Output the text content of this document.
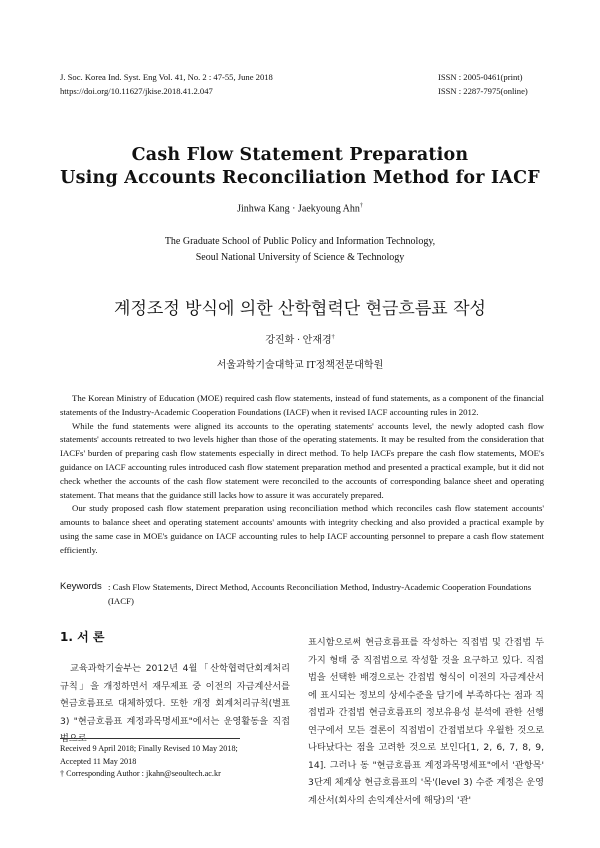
J. Soc. Korea Ind. Syst. Eng Vol. 41, No. 2 : 47-55, June 2018
https://doi.org/10.11627/jkise.2018.41.2.047
ISSN : 2005-0461(print)
ISSN : 2287-7975(online)
Cash Flow Statement Preparation
Using Accounts Reconciliation Method for IACF
Jinhwa Kang · Jaekyoung Ahn†
The Graduate School of Public Policy and Information Technology,
Seoul National University of Science & Technology
계정조정 방식에 의한 산학협력단 현금흐름표 작성
강진화 · 안재경†
서울과학기술대학교 IT정책전문대학원

The Korean Ministry of Education (MOE) required cash flow statements, instead of fund statements, as a component of the financial statements of the Industry-Academic Cooperation Foundations (IACF) when it revised IACF accounting rules in 2012.

While the fund statements were aligned its accounts to the operating statements' accounts level, the newly adopted cash flow statements' accounts retreated to two levels higher than those of the operating statements. It may be resulted from the consideration that IACFs' burden of preparing cash flow statements especially in direct method. To help IACFs prepare the cash flow statements, MOE's guidance on IACF accounting rules introduced cash flow statement preparation method and presented a practical example, but it did not check whether the accounts of the cash flow statement were reconciled to the accounts of corresponding balance sheet and operating statement. That means that the guidance still lacks how to assure it was accurately prepared.

Our study proposed cash flow statement preparation using reconciliation method which reconciles cash flow statement accounts' amounts to balance sheet and operating statement accounts' amounts with integrity checking and also provided a practical example by using the same case in MOE's guidance on IACF accounting rules to help IACF accounting personnel to prepare a cash flow statement efficiently.

Keywords : Cash Flow Statements, Direct Method, Accounts Reconciliation Method, Industry-Academic Cooperation Foundations (IACF)
1. 서 론

교육과학기술부는 2012년 4월「산학협력단회계처리규칙」을 개정하면서 재무제표 중 이전의 자금계산서를 현금흐름표로 대체하였다. 또한 개정 회계처리규칙(별표 3) "현금흐름표 계정과목명세표"에서는 운영활동을 직접법으로

Received 9 April 2018; Finally Revised 10 May 2018;
Accepted 11 May 2018
† Corresponding Author : jkahn@seoultech.ac.kr

표시함으로써 현금흐름표를 작성하는 직접법 및 간접법 두 가지 형태 중 직접법으로 작성할 것을 요구하고 있다. 직접법을 선택한 배경으로는 간접법 형식이 이전의 자금계산서에 표시되는 정보의 상세수준을 담기에 부족하다는 점과 직접법과 간접법 현금흐름표의 정보유용성 분석에 관한 선행연구에서 모든 결론이 직접법이 간접법보다 우월한 것으로 나타났다는 점을 고려한 것으로 보인다[1, 2, 6, 7, 8, 9, 14]. 그러나 동 "현금흐름표 계정과목명세표"에서 '관항목' 3단계 체계상 현금흐름표의 '목'(level 3) 수준 계정은 운영계산서(회사의 손익계산서에 해당)의 '관'
